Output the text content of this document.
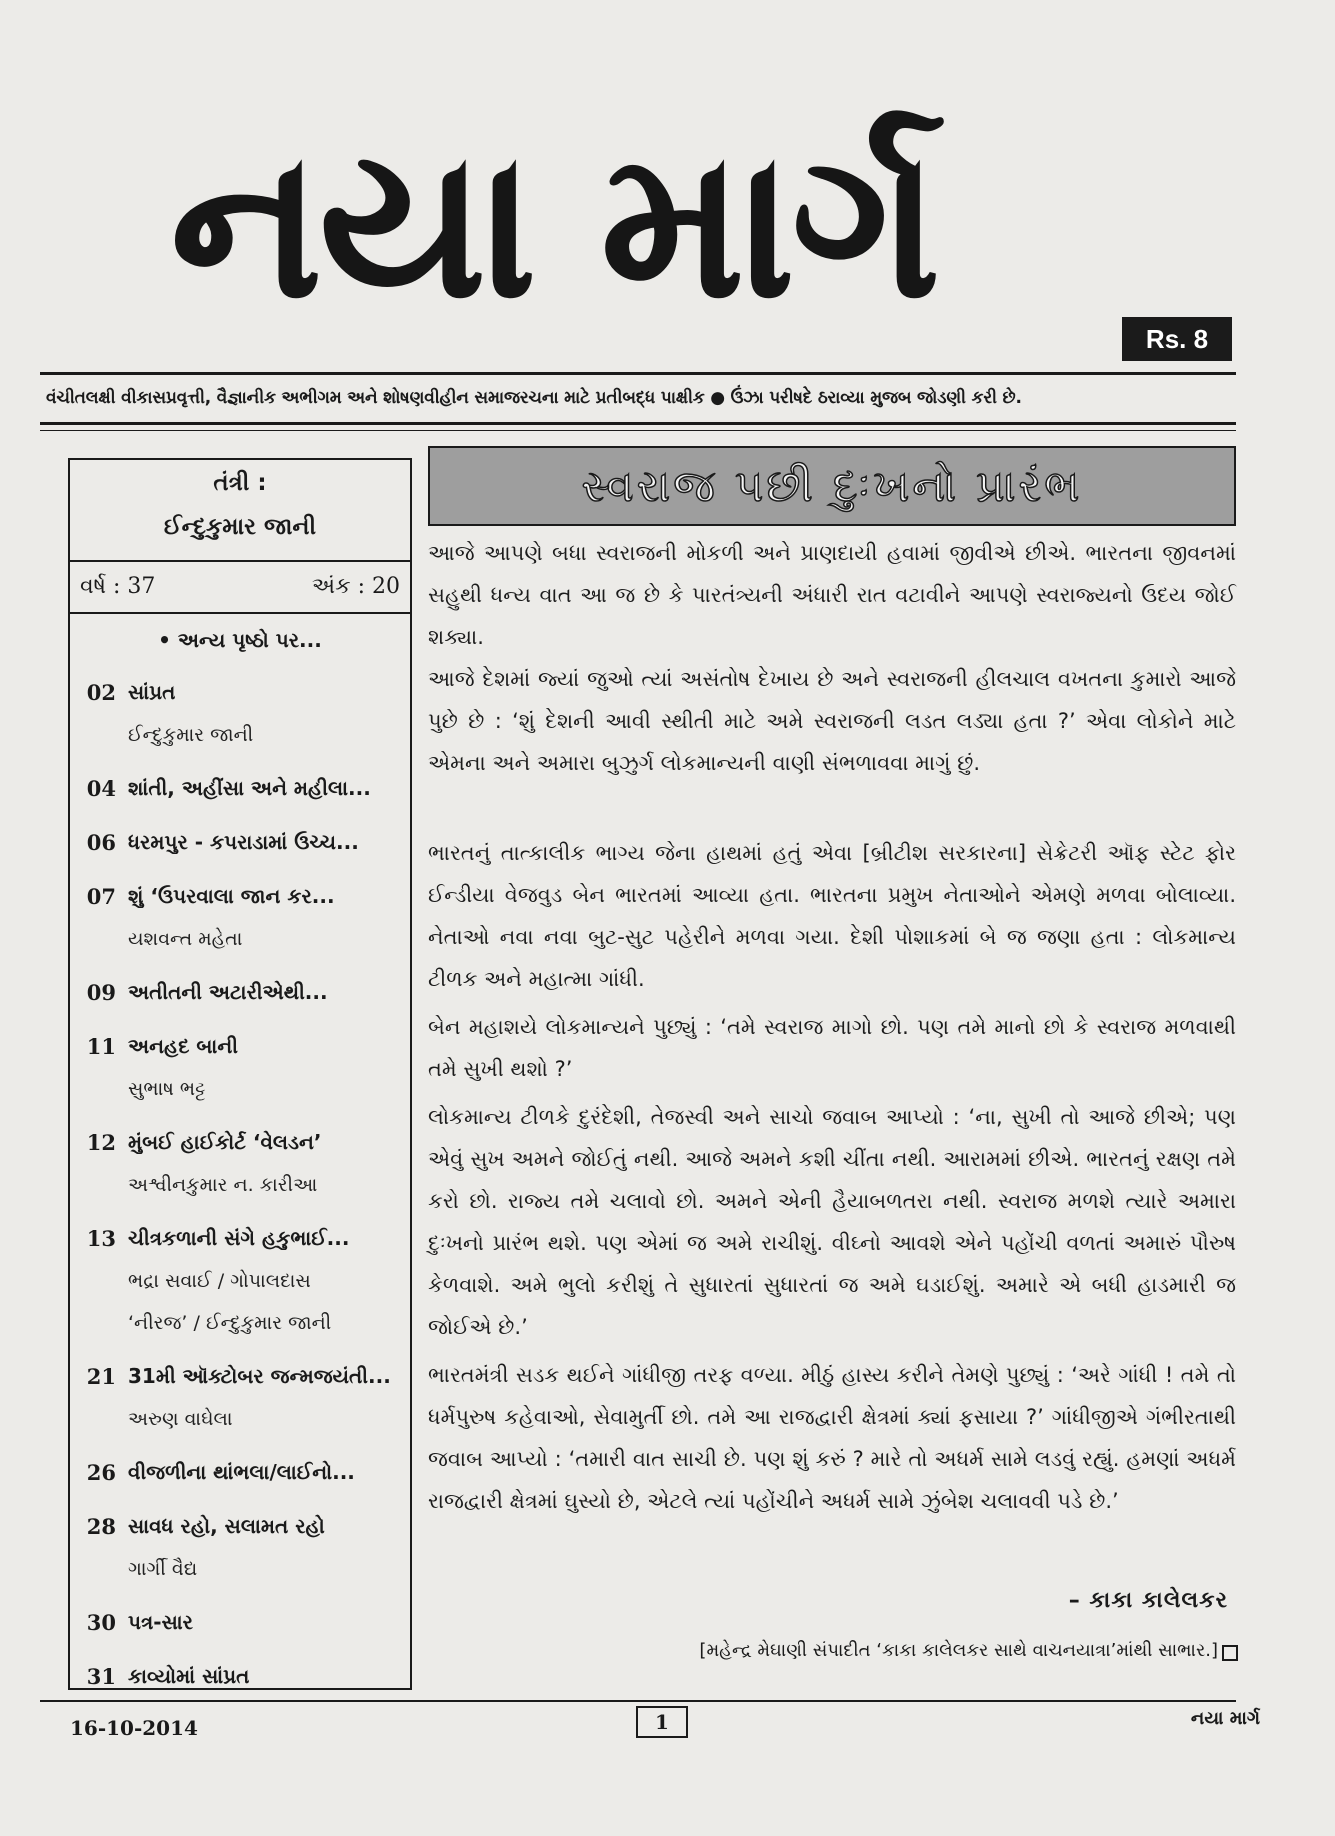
નયા માર્ગ	Rs. 8
વંચીતલક્ષી વીકાસપ્રવૃત્તી, વૈજ્ઞાનીક અભીગમ અને શોષણવીહીન સમાજરચના માટે પ્રતીબદ્ધ પાક્ષીક ● ઉંઝા પરીષદે ઠરાવ્યા મુજબ જોડણી કરી છે.
તંત્રી :
ઈન્દુકુમાર જાની
વર્ષ : 37	અંક : 20
• અન્ય પૃષ્ઠો પર...
02 સાંપ્રત
ઈન્દુકુમાર જાની
04 શાંતી, અહીંસા અને મહીલા...
06 ધરમપુર - કપરાડામાં ઉચ્ચ...
07 શું ‘ઉપરવાલા જાન કર...
યશવન્ત મહેતા
09 અતીતની અટારીએથી...
11 અનહદ બાની
સુભાષ ભટ્ટ
12 મુંબઈ હાઈકોર્ટ ‘વેલડન’
અશ્વીનકુમાર ન. કારીઆ
13 ચીત્રકળાની સંગે હકુભાઈ...
ભદ્રા સવાઈ / ગોપાલદાસ
‘નીરજ’ / ઈન્દુકુમાર જાની
21 31મી ઑક્ટોબર જન્મજયંતી...
અરુણ વાઘેલા
26 વીજળીના થાંભલા/લાઈનો...
28 સાવધ રહો, સલામત રહો
ગાર્ગી વૈદ્ય
30 પત્ર-સાર
31 કાવ્યોમાં સાંપ્રત
સ્વરાજ પછી દુઃખનો પ્રારંભ
આજે આપણે બધા સ્વરાજની મોકળી અને પ્રાણદાયી હવામાં જીવીએ છીએ. ભારતના જીવનમાં સહુથી ધન્ય વાત આ જ છે કે પારતંત્ર્યની અંધારી રાત વટાવીને આપણે સ્વરાજ્યનો ઉદય જોઈ શક્યા.
આજે દેશમાં જ્યાં જુઓ ત્યાં અસંતોષ દેખાય છે અને સ્વરાજની હીલચાલ વખતના કુમારો આજે પુછે છે : ‘શું દેશની આવી સ્થીતી માટે અમે સ્વરાજની લડત લડ્યા હતા ?’ એવા લોકોને માટે એમના અને અમારા બુઝુર્ગ લોકમાન્યની વાણી સંભળાવવા માગું છું.
ભારતનું તાત્કાલીક ભાગ્ય જેના હાથમાં હતું એવા [બ્રીટીશ સરકારના] સેક્રેટરી ઑફ સ્ટેટ ફોર ઈન્ડીયા વેજવુડ બેન ભારતમાં આવ્યા હતા. ભારતના પ્રમુખ નેતાઓને એમણે મળવા બોલાવ્યા. નેતાઓ નવા નવા બુટ-સુટ પહેરીને મળવા ગયા. દેશી પોશાકમાં બે જ જણા હતા : લોકમાન્ય ટીળક અને મહાત્મા ગાંધી.
બેન મહાશયે લોકમાન્યને પુછ્યું : ‘તમે સ્વરાજ માગો છો. પણ તમે માનો છો કે સ્વરાજ મળવાથી તમે સુખી થશો ?’
લોકમાન્ય ટીળકે દુરંદેશી, તેજસ્વી અને સાચો જવાબ આપ્યો : ‘ના, સુખી તો આજે છીએ; પણ એવું સુખ અમને જોઈતું નથી. આજે અમને કશી ચીંતા નથી. આરામમાં છીએ. ભારતનું રક્ષણ તમે કરો છો. રાજ્ય તમે ચલાવો છો. અમને એની હૈયાબળતરા નથી. સ્વરાજ મળશે ત્યારે અમારા દુઃખનો પ્રારંભ થશે. પણ એમાં જ અમે રાચીશું. વીઘ્નો આવશે એને પહોંચી વળતાં અમારું પૌરુષ કેળવાશે. અમે ભુલો કરીશું તે સુધારતાં સુધારતાં જ અમે ઘડાઈશું. અમારે એ બધી હાડમારી જ જોઈએ છે.’
ભારતમંત્રી સડક થઈને ગાંધીજી તરફ વળ્યા. મીઠું હાસ્ય કરીને તેમણે પુછ્યું : ‘અરે ગાંધી ! તમે તો ધર્મપુરુષ કહેવાઓ, સેવામુર્તી છો. તમે આ રાજદ્વારી ક્ષેત્રમાં ક્યાં ફસાયા ?’ ગાંધીજીએ ગંભીરતાથી જવાબ આપ્યો : ‘તમારી વાત સાચી છે. પણ શું કરું ? મારે તો અધર્મ સામે લડવું રહ્યું. હમણાં અધર્મ રાજદ્વારી ક્ષેત્રમાં ઘુસ્યો છે, એટલે ત્યાં પહોંચીને અધર્મ સામે ઝુંબેશ ચલાવવી પડે છે.’
– કાકા કાલેલકર
[મહેન્દ્ર મેઘાણી સંપાદીત ‘કાકા કાલેલકર સાથે વાચનયાત્રા’માંથી સાભાર.]
16-10-2014	1	નયા માર્ગ
